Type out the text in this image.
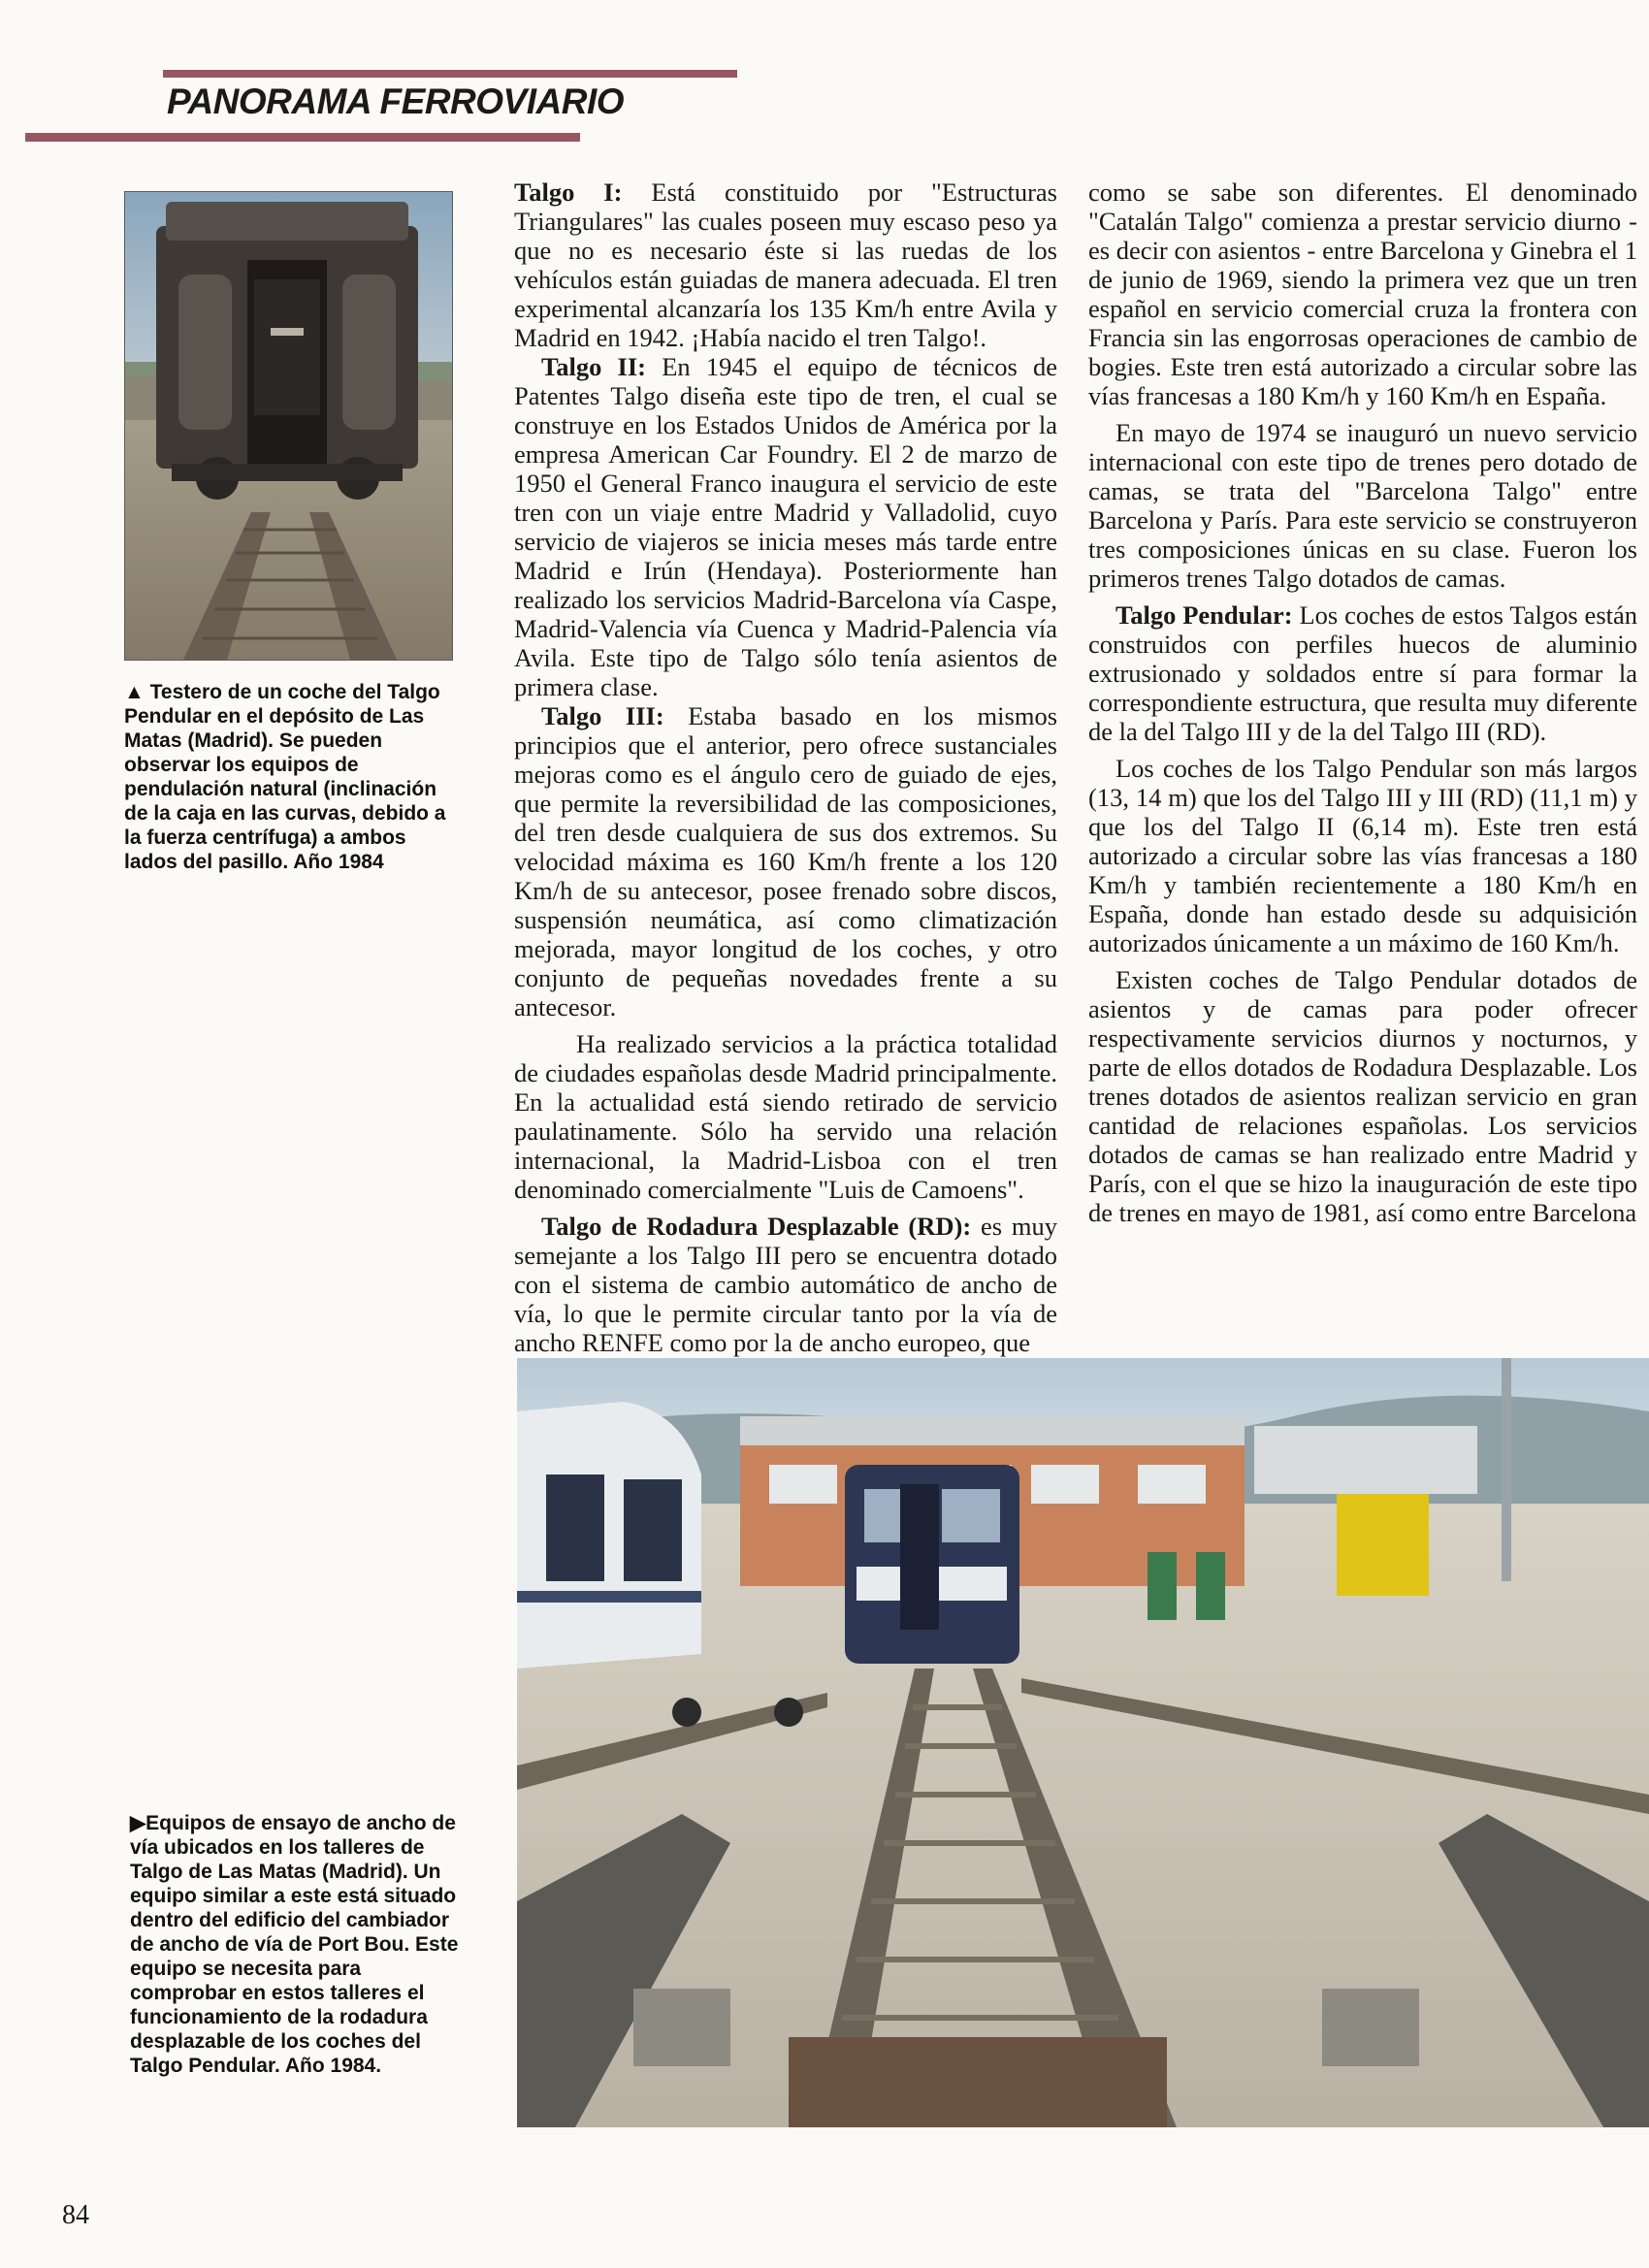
PANORAMA FERROVIARIO

▲ Testero de un coche del Talgo Pendular en el depósito de Las Matas (Madrid). Se pueden observar los equipos de pendulación natural (inclinación de la caja en las curvas, debido a la fuerza centrífuga) a ambos lados del pasillo. Año 1984

Talgo I: Está constituido por "Estructuras Triangulares" las cuales poseen muy escaso peso ya que no es necesario éste si las ruedas de los vehículos están guiadas de manera adecuada. El tren experimental alcanzaría los 135 Km/h entre Avila y Madrid en 1942. ¡Había nacido el tren Talgo!.

Talgo II: En 1945 el equipo de técnicos de Patentes Talgo diseña este tipo de tren, el cual se construye en los Estados Unidos de América por la empresa American Car Foundry. El 2 de marzo de 1950 el General Franco inaugura el servicio de este tren con un viaje entre Madrid y Valladolid, cuyo servicio de viajeros se inicia meses más tarde entre Madrid e Irún (Hendaya). Posteriormente han realizado los servicios Madrid-Barcelona vía Caspe, Madrid-Valencia vía Cuenca y Madrid-Palencia vía Avila. Este tipo de Talgo sólo tenía asientos de primera clase.

Talgo III: Estaba basado en los mismos principios que el anterior, pero ofrece sustanciales mejoras como es el ángulo cero de guiado de ejes, que permite la reversibilidad de las composiciones, del tren desde cualquiera de sus dos extremos. Su velocidad máxima es 160 Km/h frente a los 120 Km/h de su antecesor, posee frenado sobre discos, suspensión neumática, así como climatización mejorada, mayor longitud de los coches, y otro conjunto de pequeñas novedades frente a su antecesor.

Ha realizado servicios a la práctica totalidad de ciudades españolas desde Madrid principalmente. En la actualidad está siendo retirado de servicio paulatinamente. Sólo ha servido una relación internacional, la Madrid-Lisboa con el tren denominado comercialmente "Luis de Camoens".

Talgo de Rodadura Desplazable (RD): es muy semejante a los Talgo III pero se encuentra dotado con el sistema de cambio automático de ancho de vía, lo que le permite circular tanto por la vía de ancho RENFE como por la de ancho europeo, que

como se sabe son diferentes. El denominado "Catalán Talgo" comienza a prestar servicio diurno - es decir con asientos - entre Barcelona y Ginebra el 1 de junio de 1969, siendo la primera vez que un tren español en servicio comercial cruza la frontera con Francia sin las engorrosas operaciones de cambio de bogies. Este tren está autorizado a circular sobre las vías francesas a 180 Km/h y 160 Km/h en España.

En mayo de 1974 se inauguró un nuevo servicio internacional con este tipo de trenes pero dotado de camas, se trata del "Barcelona Talgo" entre Barcelona y París. Para este servicio se construyeron tres composiciones únicas en su clase. Fueron los primeros trenes Talgo dotados de camas.

Talgo Pendular: Los coches de estos Talgos están construidos con perfiles huecos de aluminio extrusionado y soldados entre sí para formar la correspondiente estructura, que resulta muy diferente de la del Talgo III y de la del Talgo III (RD).

Los coches de los Talgo Pendular son más largos (13, 14 m) que los del Talgo III y III (RD) (11,1 m) y que los del Talgo II (6,14 m). Este tren está autorizado a circular sobre las vías francesas a 180 Km/h y también recientemente a 180 Km/h en España, donde han estado desde su adquisición autorizados únicamente a un máximo de 160 Km/h.

Existen coches de Talgo Pendular dotados de asientos y de camas para poder ofrecer respectivamente servicios diurnos y nocturnos, y parte de ellos dotados de Rodadura Desplazable. Los trenes dotados de asientos realizan servicio en gran cantidad de relaciones españolas. Los servicios dotados de camas se han realizado entre Madrid y París, con el que se hizo la inauguración de este tipo de trenes en mayo de 1981, así como entre Barcelona

▶Equipos de ensayo de ancho de vía ubicados en los talleres de Talgo de Las Matas (Madrid). Un equipo similar a este está situado dentro del edificio del cambiador de ancho de vía de Port Bou. Este equipo se necesita para comprobar en estos talleres el funcionamiento de la rodadura desplazable de los coches del Talgo Pendular. Año 1984.

84
